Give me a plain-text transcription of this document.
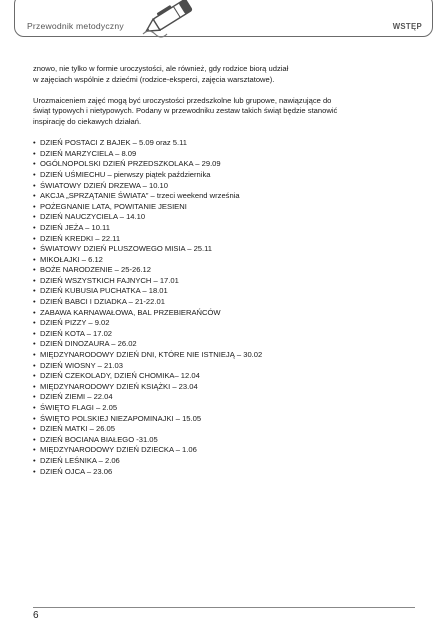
Przewodnik metodyczny	WSTĘP

znowo, nie tylko w formie uroczystości, ale również, gdy rodzice biorą udział
w zajęciach wspólnie z dziećmi (rodzice-eksperci, zajęcia warsztatowe).

Urozmaiceniem zajęć mogą być uroczystości przedszkolne lub grupowe, nawiązujące do
świąt typowych i nietypowych. Podany w przewodniku zestaw takich świąt będzie stanowić
inspirację do ciekawych działań.

• DZIEŃ POSTACI Z BAJEK – 5.09 oraz 5.11
• DZIEŃ MARZYCIELA – 8.09
• OGÓLNOPOLSKI DZIEŃ PRZEDSZKOLAKA – 29.09
• DZIEŃ UŚMIECHU – pierwszy piątek października
• ŚWIATOWY DZIEŃ DRZEWA – 10.10
• AKCJA „SPRZĄTANIE ŚWIATA” – trzeci weekend września
• POŻEGNANIE LATA, POWITANIE JESIENI
• DZIEŃ NAUCZYCIELA – 14.10
• DZIEŃ JEŻA – 10.11
• DZIEŃ KREDKI – 22.11
• ŚWIATOWY DZIEŃ PLUSZOWEGO MISIA – 25.11
• MIKOŁAJKI – 6.12
• BOŻE NARODZENIE – 25-26.12
• DZIEŃ WSZYSTKICH FAJNYCH – 17.01
• DZIEŃ KUBUSIA PUCHATKA – 18.01
• DZIEŃ BABCI I DZIADKA – 21-22.01
• ZABAWA KARNAWAŁOWA, BAL PRZEBIERAŃCÓW
• DZIEŃ PIZZY – 9.02
• DZIEŃ KOTA – 17.02
• DZIEŃ DINOZAURA – 26.02
• MIĘDZYNARODOWY DZIEŃ DNI, KTÓRE NIE ISTNIEJĄ – 30.02
• DZIEŃ WIOSNY – 21.03
• DZIEŃ CZEKOLADY, DZIEŃ CHOMIKA– 12.04
• MIĘDZYNARODOWY DZIEŃ KSIĄŻKI – 23.04
• DZIEŃ ZIEMI – 22.04
• ŚWIĘTO FLAGI – 2.05
• ŚWIĘTO POLSKIEJ NIEZAPOMINAJKI – 15.05
• DZIEŃ MATKI – 26.05
• DZIEŃ BOCIANA BIAŁEGO -31.05
• MIĘDZYNARODOWY DZIEŃ DZIECKA – 1.06
• DZIEŃ LEŚNIKA – 2.06
• DZIEŃ OJCA – 23.06
6
